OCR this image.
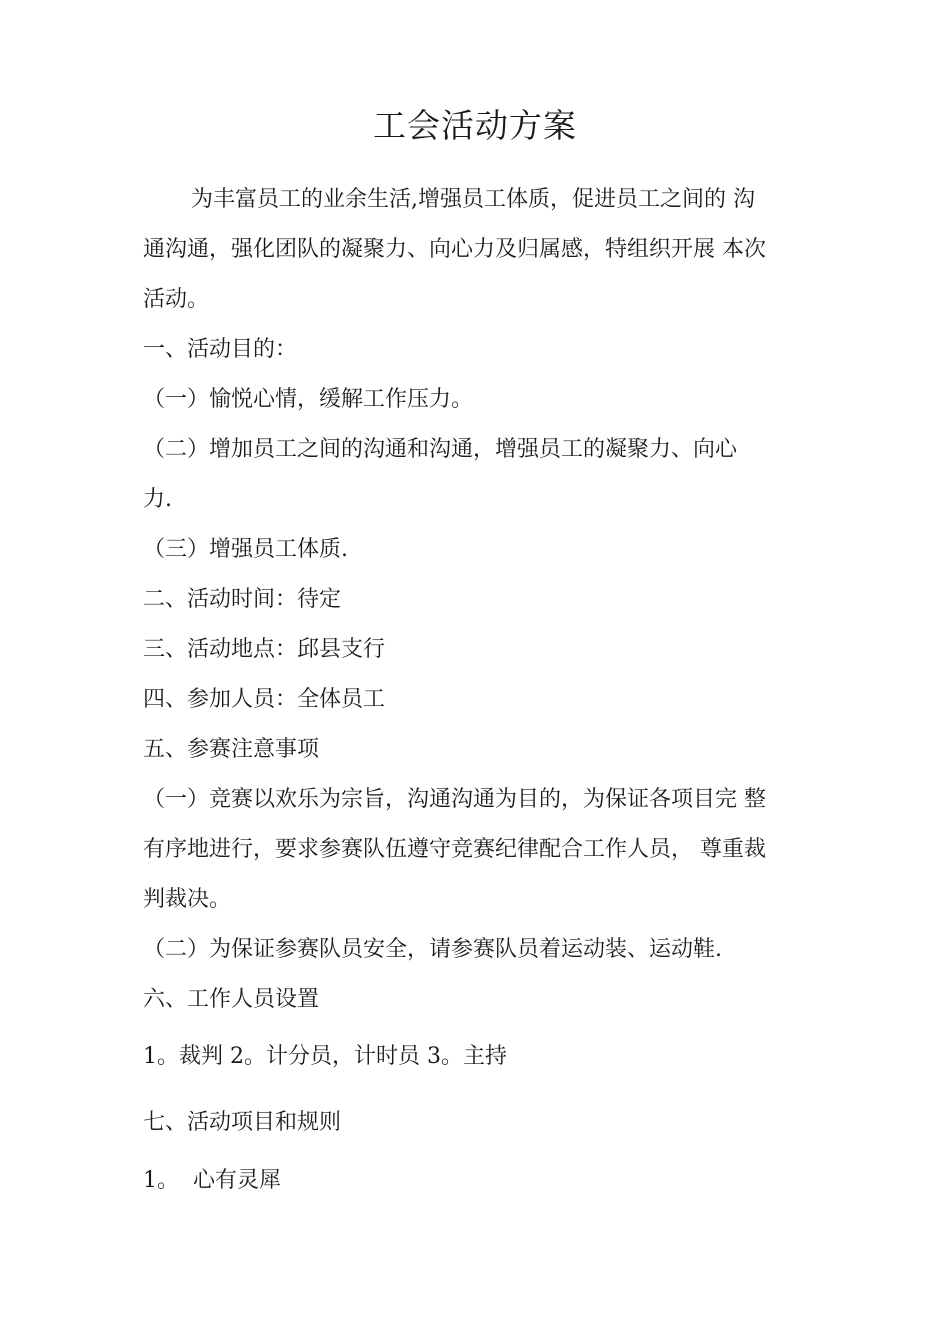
工会活动方案
为丰富员工的业余生活,增强员工体质，促进员工之间的 沟
通沟通，强化团队的凝聚力、向心力及归属感，特组织开展 本次
活动。
一、活动目的：
（一）愉悦心情，缓解工作压力。
（二）增加员工之间的沟通和沟通，增强员工的凝聚力、向心
力.
（三）增强员工体质.
二、活动时间：待定
三、活动地点：邱县支行
四、参加人员：全体员工
五、参赛注意事项
（一）竞赛以欢乐为宗旨，沟通沟通为目的，为保证各项目完 整
有序地进行，要求参赛队伍遵守竞赛纪律配合工作人员， 尊重裁
判裁决。
（二）为保证参赛队员安全，请参赛队员着运动装、运动鞋.
六、工作人员设置
1。裁判 2。计分员，计时员 3。主持
七、活动项目和规则
1。  心有灵犀
